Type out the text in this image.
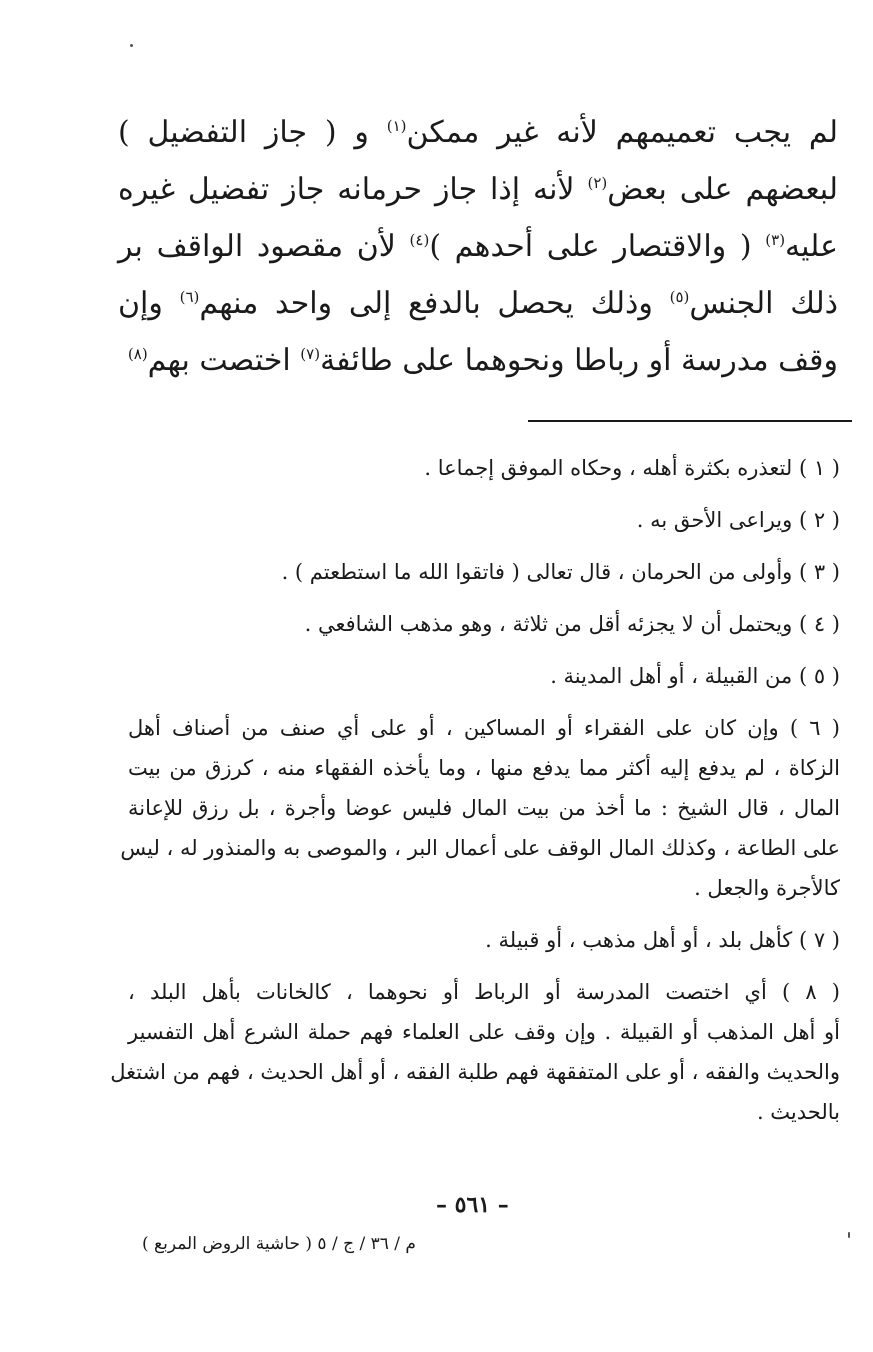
لم يجب تعميمهم لأنه غير ممكن$^{(١)}$ و ( جاز التفضيل )
لبعضهم على بعض$^{(٢)}$ لأنه إذا جاز حرمانه جاز تفضيل غيره
عليه$^{(٣)}$ ( والاقتصار على أحدهم )$^{(٤)}$ لأن مقصود الواقف بر
ذلك الجنس$^{(٥)}$ وذلك يحصل بالدفع إلى واحد منهم$^{(٦)}$ وإن
وقف مدرسة أو رباطا ونحوهما على طائفة$^{(٧)}$ اختصت بهم$^{(٨)}$
( ١ ) لتعذره بكثرة أهله ، وحكاه الموفق إجماعا .
( ٢ ) ويراعى الأحق به .
( ٣ ) وأولى من الحرمان ، قال تعالى ( فاتقوا الله ما استطعتم ) .
( ٤ ) ويحتمل أن لا يجزئه أقل من ثلاثة ، وهو مذهب الشافعي .
( ٥ ) من القبيلة ، أو أهل المدينة .
( ٦ ) وإن كان على الفقراء أو المساكين ، أو على أي صنف من أصناف أهل
الزكاة ، لم يدفع إليه أكثر مما يدفع منها ، وما يأخذه الفقهاء منه ، كرزق من بيت
المال ، قال الشيخ : ما أخذ من بيت المال فليس عوضا وأجرة ، بل رزق للإعانة
على الطاعة ، وكذلك المال الوقف على أعمال البر ، والموصى به والمنذور له ، ليس
كالأجرة والجعل .
( ٧ ) كأهل بلد ، أو أهل مذهب ، أو قبيلة .
( ٨ ) أي اختصت المدرسة أو الرباط أو نحوهما ، كالخانات بأهل البلد ،
أو أهل المذهب أو القبيلة . وإن وقف على العلماء فهم حملة الشرع أهل التفسير
والحديث والفقه ، أو على المتفقهة فهم طلبة الفقه ، أو أهل الحديث ، فهم من اشتغل
بالحديث .
– ٥٦١ –
م / ٣٦ / ج / ٥ ( حاشية الروض المربع )
